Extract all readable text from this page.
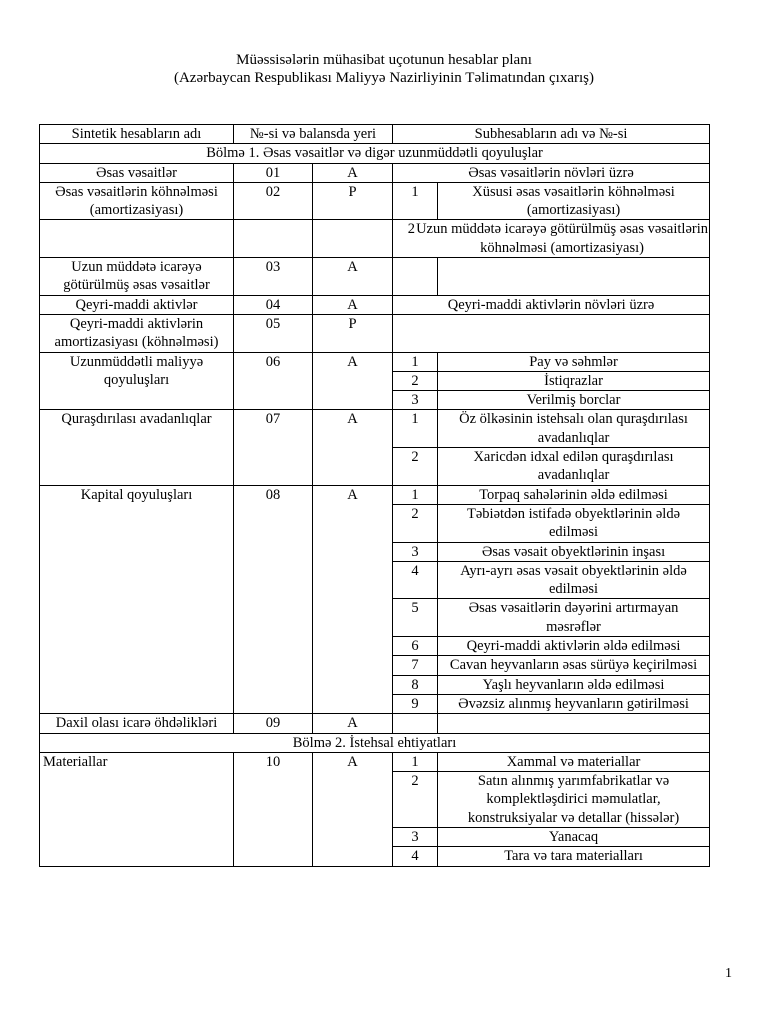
Müəssisələrin mühasibat uçotunun hesablar planı
(Azərbaycan Respublikası Maliyyə Nazirliyinin Təlimatından çıxarış)
Sintetik hesabların adı	№-si və balansda yeri		Subhesabların adı və №-si	
Bölmə 1. Əsas vəsaitlər və digər uzunmüddətli qoyuluşlar				
Əsas vəsaitlər	01	A	Əsas vəsaitlərin növləri üzrə	
Əsas vəsaitlərin köhnəlməsi (amortizasiyası)	02	P	1	Xüsusi əsas vəsaitlərin köhnəlməsi (amortizasiyası)

			2 Uzun müddətə icarəyə götürülmüş əsas vəsaitlərin köhnəlməsi (amortizasiyası)	

Uzun müddətə icarəyə götürülmüş əsas vəsaitlər	03	A		
Qeyri-maddi aktivlər	04	A	Qeyri-maddi aktivlərin növləri üzrə	
Qeyri-maddi aktivlərin amortizasiyası (köhnəlməsi)	05	P		
Uzunmüddətli maliyyə qoyuluşları	06	A	1	Pay və səhmlər
			2	İstiqrazlar
			3	Verilmiş borclar
Quraşdırılası avadanlıqlar	07	A	1	Öz ölkəsinin istehsalı olan quraşdırılası avadanlıqlar
			2	Xaricdən idxal edilən quraşdırılası avadanlıqlar
Kapital qoyuluşları	08	A	1	Torpaq sahələrinin əldə edilməsi
			2	Təbiətdən istifadə obyektlərinin əldə edilməsi
			3	Əsas vəsait obyektlərinin inşası
			4	Ayrı-ayrı əsas vəsait obyektlərinin əldə edilməsi
			5	Əsas vəsaitlərin dəyərini artırmayan məsrəflər
			6	Qeyri-maddi aktivlərin əldə edilməsi
			7	Cavan heyvanların əsas sürüyə keçirilməsi
			8	Yaşlı heyvanların əldə edilməsi
			9	Əvəzsiz alınmış heyvanların gətirilməsi
Daxil olası icarə öhdəlikləri	09	A		
Bölmə 2. İstehsal ehtiyatları				
Materiallar	10	A	1	Xammal və materiallar
			2	Satın alınmış yarımfabrikatlar və komplektləşdirici məmulatlar, konstruksiyalar və detallar (hissələr)
			3	Yanacaq
			4	Tara və tara materialları
1
